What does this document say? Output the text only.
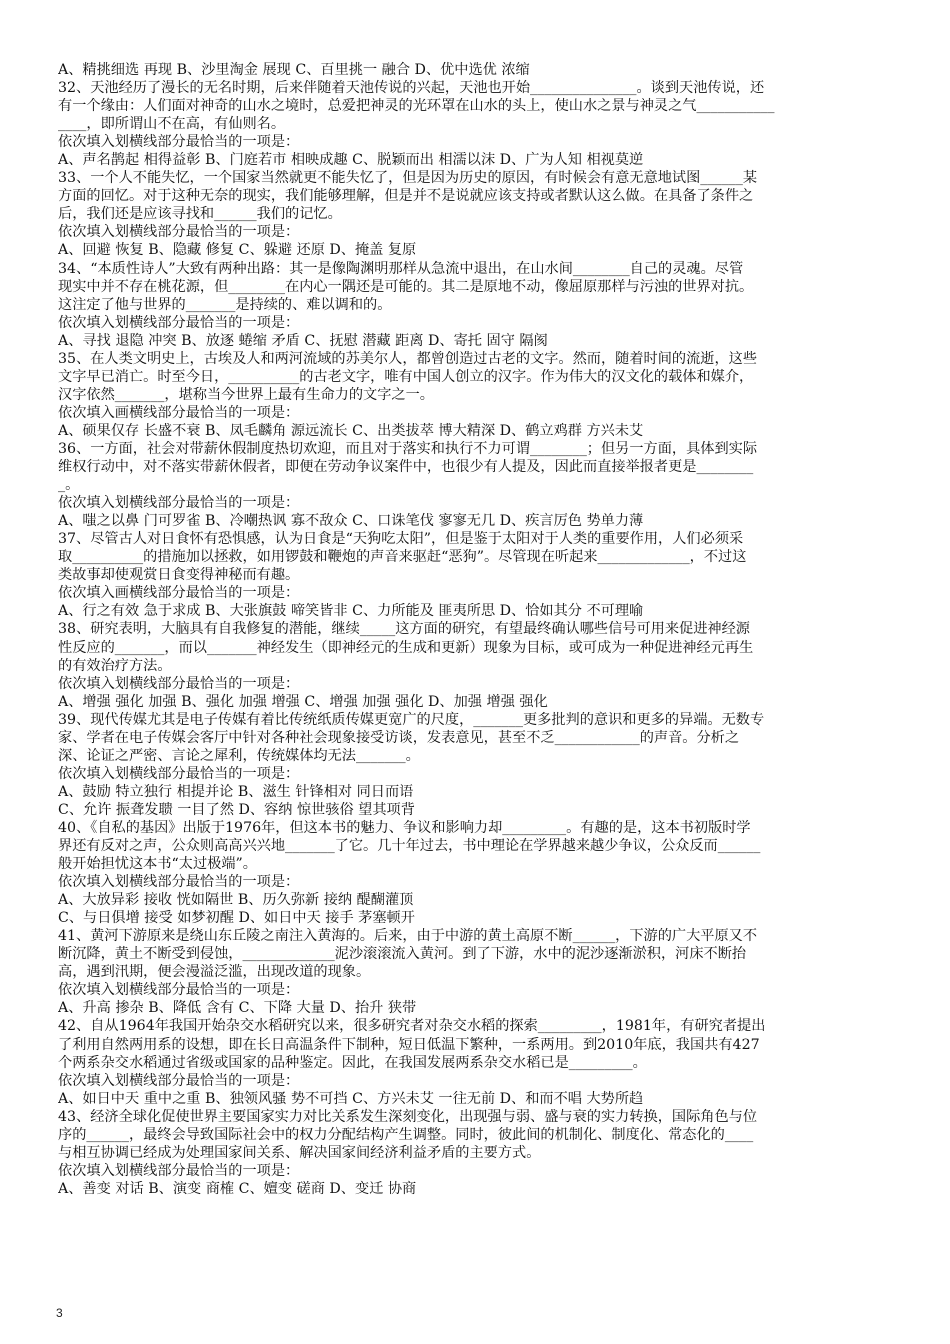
A、精挑细选 再现 B、沙里淘金 展现 C、百里挑一 融合 D、优中选优 浓缩
32、天池经历了漫长的无名时期，后来伴随着天池传说的兴起，天池也开始_______________。谈到天池传说，还
有一个缘由：人们面对神奇的山水之境时，总爱把神灵的光环罩在山水的头上，使山水之景与神灵之气___________
____，即所谓山不在高，有仙则名。
依次填入划横线部分最恰当的一项是：
A、声名鹊起 相得益彰 B、门庭若市 相映成趣 C、脱颖而出 相濡以沫 D、广为人知 相视莫逆
33、一个人不能失忆，一个国家当然就更不能失忆了，但是因为历史的原因，有时候会有意无意地试图______某
方面的回忆。对于这种无奈的现实，我们能够理解，但是并不是说就应该支持或者默认这么做。在具备了条件之
后，我们还是应该寻找和______我们的记忆。
依次填入划横线部分最恰当的一项是：
A、回避 恢复 B、隐藏 修复 C、躲避 还原 D、掩盖 复原
34、“本质性诗人”大致有两种出路：其一是像陶渊明那样从急流中退出，在山水间________自己的灵魂。尽管
现实中并不存在桃花源，但________在内心一隅还是可能的。其二是原地不动，像屈原那样与污浊的世界对抗。
这注定了他与世界的_______是持续的、难以调和的。
依次填入划横线部分最恰当的一项是：
A、寻找 退隐 冲突 B、放逐 蜷缩 矛盾 C、抚慰 潜藏 距离 D、寄托 固守 隔阂
35、在人类文明史上，古埃及人和两河流域的苏美尔人，都曾创造过古老的文字。然而，随着时间的流逝，这些
文字早已消亡。时至今日，__________的古老文字，唯有中国人创立的汉字。作为伟大的汉文化的载体和媒介，
汉字依然_______，堪称当今世界上最有生命力的文字之一。
依次填入画横线部分最恰当的一项是：
A、硕果仅存 长盛不衰 B、凤毛麟角 源远流长 C、出类拔萃 博大精深 D、鹤立鸡群 方兴未艾
36、一方面，社会对带薪休假制度热切欢迎，而且对于落实和执行不力可谓________；但另一方面，具体到实际
维权行动中，对不落实带薪休假者，即便在劳动争议案件中，也很少有人提及，因此而直接举报者更是________
_。
依次填入划横线部分最恰当的一项是：
A、嗤之以鼻 门可罗雀 B、冷嘲热讽 寡不敌众 C、口诛笔伐 寥寥无几 D、疾言厉色 势单力薄
37、尽管古人对日食怀有恐惧感，认为日食是“天狗吃太阳”，但是鉴于太阳对于人类的重要作用，人们必须采
取__________的措施加以拯救，如用锣鼓和鞭炮的声音来驱赶“恶狗”。尽管现在听起来_____________，不过这
类故事却使观赏日食变得神秘而有趣。
依次填入画横线部分最恰当的一项是：
A、行之有效 急于求成 B、大张旗鼓 啼笑皆非 C、力所能及 匪夷所思 D、恰如其分 不可理喻
38、研究表明，大脑具有自我修复的潜能，继续_____这方面的研究，有望最终确认哪些信号可用来促进神经源
性反应的_______，而以_______神经发生（即神经元的生成和更新）现象为目标，或可成为一种促进神经元再生
的有效治疗方法。
依次填入划横线部分最恰当的一项是：
A、增强 强化 加强 B、强化 加强 增强 C、增强 加强 强化 D、加强 增强 强化
39、现代传媒尤其是电子传媒有着比传统纸质传媒更宽广的尺度，_______更多批判的意识和更多的异端。无数专
家、学者在电子传媒会客厅中针对各种社会现象接受访谈，发表意见，甚至不乏____________的声音。分析之
深、论证之严密、言论之犀利，传统媒体均无法_______。
依次填入划横线部分最恰当的一项是：
A、鼓励 特立独行 相提并论 B、滋生 针锋相对 同日而语
C、允许 振聋发聩 一目了然 D、容纳 惊世骇俗 望其项背
40、《自私的基因》出版于1976年，但这本书的魅力、争议和影响力却_________。有趣的是，这本书初版时学
界还有反对之声，公众则高高兴兴地_______了它。几十年过去，书中理论在学界越来越少争议，公众反而______
般开始担忧这本书“太过极端”。
依次填入划横线部分最恰当的一项是：
A、大放异彩 接收 恍如隔世 B、历久弥新 接纳 醍醐灌顶
C、与日俱增 接受 如梦初醒 D、如日中天 接手 茅塞顿开
41、黄河下游原来是绕山东丘陵之南注入黄海的。后来，由于中游的黄土高原不断______，下游的广大平原又不
断沉降，黄土不断受到侵蚀，_____________泥沙滚滚流入黄河。到了下游，水中的泥沙逐渐淤积，河床不断抬
高，遇到汛期，便会漫溢泛滥，出现改道的现象。
依次填入划横线部分最恰当的一项是：
A、升高 掺杂 B、降低 含有 C、下降 大量 D、抬升 狭带
42、自从1964年我国开始杂交水稻研究以来，很多研究者对杂交水稻的探索_________，1981年，有研究者提出
了利用自然两用系的设想，即在长日高温条件下制种，短日低温下繁种，一系两用。到2010年底，我国共有427
个两系杂交水稻通过省级或国家的品种鉴定。因此，在我国发展两系杂交水稻已是_________。
依次填入划横线部分最恰当的一项是：
A、如日中天 重中之重 B、独领风骚 势不可挡 C、方兴未艾 一往无前 D、和而不唱 大势所趋
43、经济全球化促使世界主要国家实力对比关系发生深刻变化，出现强与弱、盛与衰的实力转换，国际角色与位
序的______，最终会导致国际社会中的权力分配结构产生调整。同时，彼此间的机制化、制度化、常态化的____
与相互协调已经成为处理国家间关系、解决国家间经济利益矛盾的主要方式。
依次填入划横线部分最恰当的一项是：
A、善变 对话 B、演变 商榷 C、嬗变 磋商 D、变迁 协商
3
